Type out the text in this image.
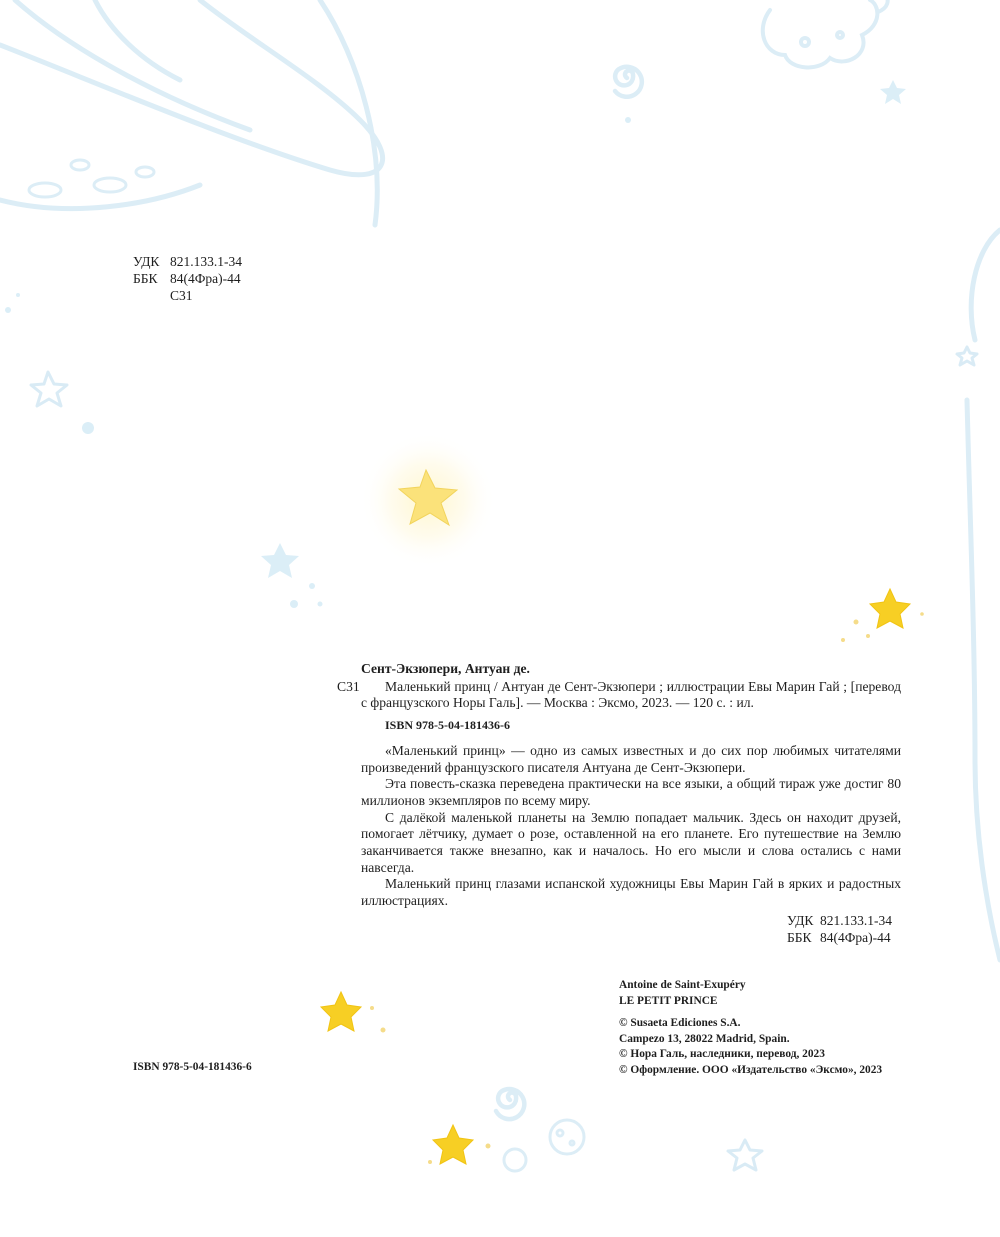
УДК 821.133.1-34
ББК 84(4Фра)-44
С31

Сент-Экзюпери, Антуан де.

С31	Маленький принц / Антуан де Сент-Экзюпери ; иллюстрации Евы Марин Гай ; [перевод с французского Норы Галь]. — Москва : Эксмо, 2023. — 120 с. : ил.

ISBN 978-5-04-181436-6

«Маленький принц» — одно из самых известных и до сих пор любимых читателями произведений французского писателя Антуана де Сент-Экзюпери.

Эта повесть-сказка переведена практически на все языки, а общий тираж уже достиг 80 миллионов экземпляров по всему миру.

С далёкой маленькой планеты на Землю попадает мальчик. Здесь он находит друзей, помогает лётчику, думает о розе, оставленной на его планете. Его путешествие на Землю заканчивается также внезапно, как и началось. Но его мысли и слова остались с нами навсегда.

Маленький принц глазами испанской художницы Евы Марин Гай в ярких и радостных иллюстрациях.

УДК 821.133.1-34
ББК 84(4Фра)-44
Antoine de Saint-Exupéry
LE PETIT PRINCE
© Susaeta Ediciones S.A.
Campezo 13, 28022 Madrid, Spain.
© Нора Галь, наследники, перевод, 2023
© Оформление. ООО «Издательство «Эксмо», 2023
ISBN 978-5-04-181436-6
